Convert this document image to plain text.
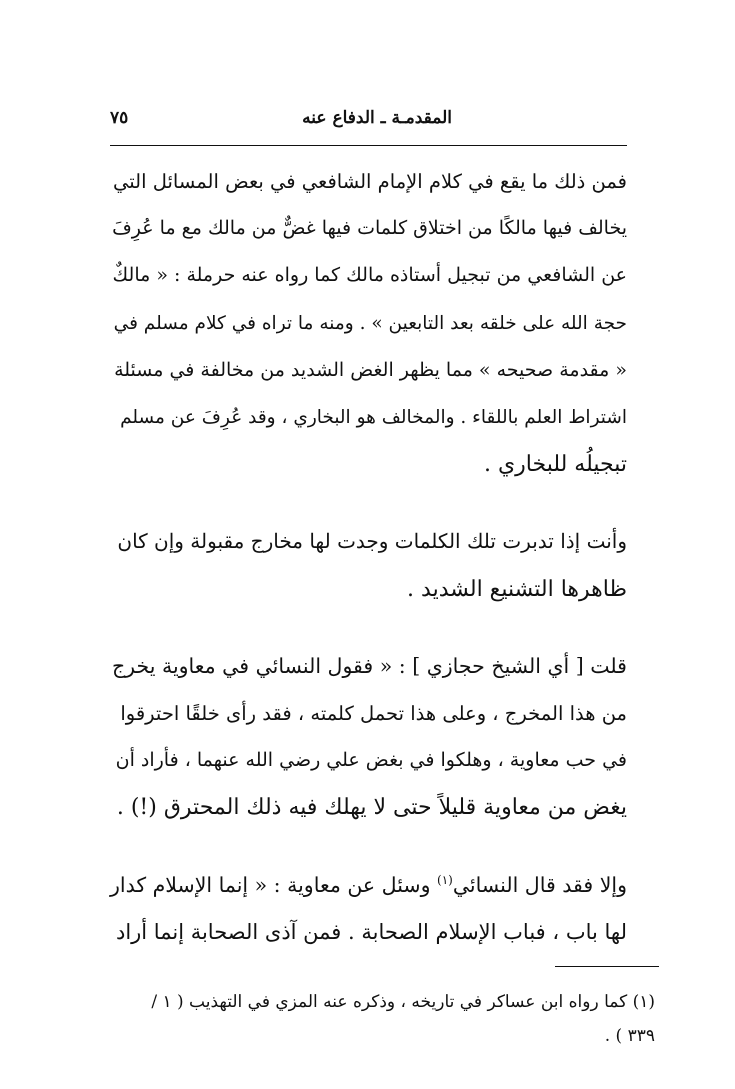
المقدمـة ـ الدفاع عنه
٧٥
فمن ذلك ما يقع في كلام الإمام الشافعي في بعض المسائل التي
يخالف فيها مالكًا من اختلاق كلمات فيها غضٌّ من مالك مع ما عُرِفَ
عن الشافعي من تبجيل أستاذه مالك كما رواه عنه حرملة : « مالكٌ
حجة الله على خلقه بعد التابعين » . ومنه ما تراه في كلام مسلم في
« مقدمة صحيحه » مما يظهر الغض الشديد من مخالفة في مسئلة
اشتراط العلم باللقاء . والمخالف هو البخاري ، وقد عُرِفَ عن مسلم
تبجيلُه للبخاري .
وأنت إذا تدبرت تلك الكلمات وجدت لها مخارج مقبولة وإن كان
ظاهرها التشنيع الشديد .
قلت [ أي الشيخ حجازي ] : « فقول النسائي في معاوية يخرج
من هذا المخرج ، وعلى هذا تحمل كلمته ، فقد رأى خلقًا احترقوا
في حب معاوية ، وهلكوا في بغض علي رضي الله عنهما ، فأراد أن
يغض من معاوية قليلاً حتى لا يهلك فيه ذلك المحترق (!) .
وإلا فقد قال النسائي$^{(١)}$ وسئل عن معاوية : « إنما الإسلام كدار
لها باب ، فباب الإسلام الصحابة . فمن آذى الصحابة إنما أراد
(١) كما رواه ابن عساكر في تاريخه ، وذكره عنه المزي في التهذيب ( ١ /
٣٣٩ ) .
